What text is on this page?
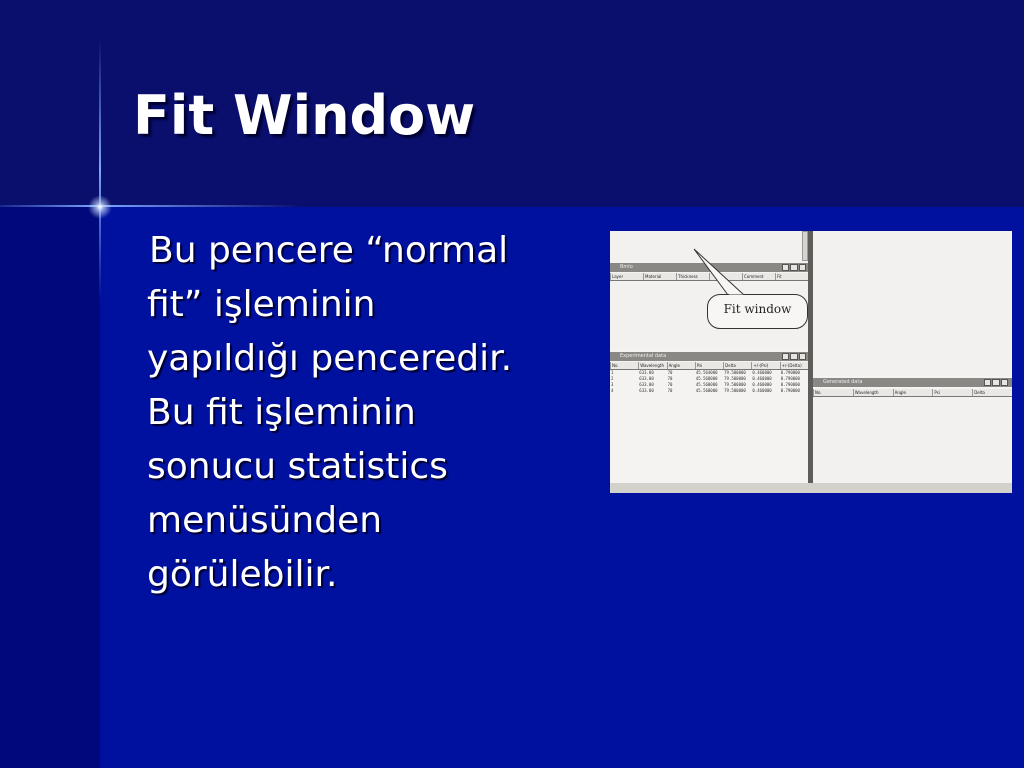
Fit Window
Bu pencere “normal
fit” işleminin
yapıldığı penceredir.
Bu fit işleminin
sonucu statistics
menüsünden
görülebilir.
Bmlo
Layer	Material	Thickness	Comment	Fit
Experimental data
No.	Wavelength	Angle	Psi	Delta	+/-(Psi)	+/-(Delta)
1	633.00	70	45.564000	79.500000	0.460000	0.790000
2	633.00	70	45.568000	79.500000	0.460000	0.790000
3	633.00	70	45.560000	79.500000	0.460000	0.790000
4	633.00	70	45.560000	79.500000	0.460000	0.790000
Generated data
No.	Wavelength	Angle	Psi	Delta
Fit window
